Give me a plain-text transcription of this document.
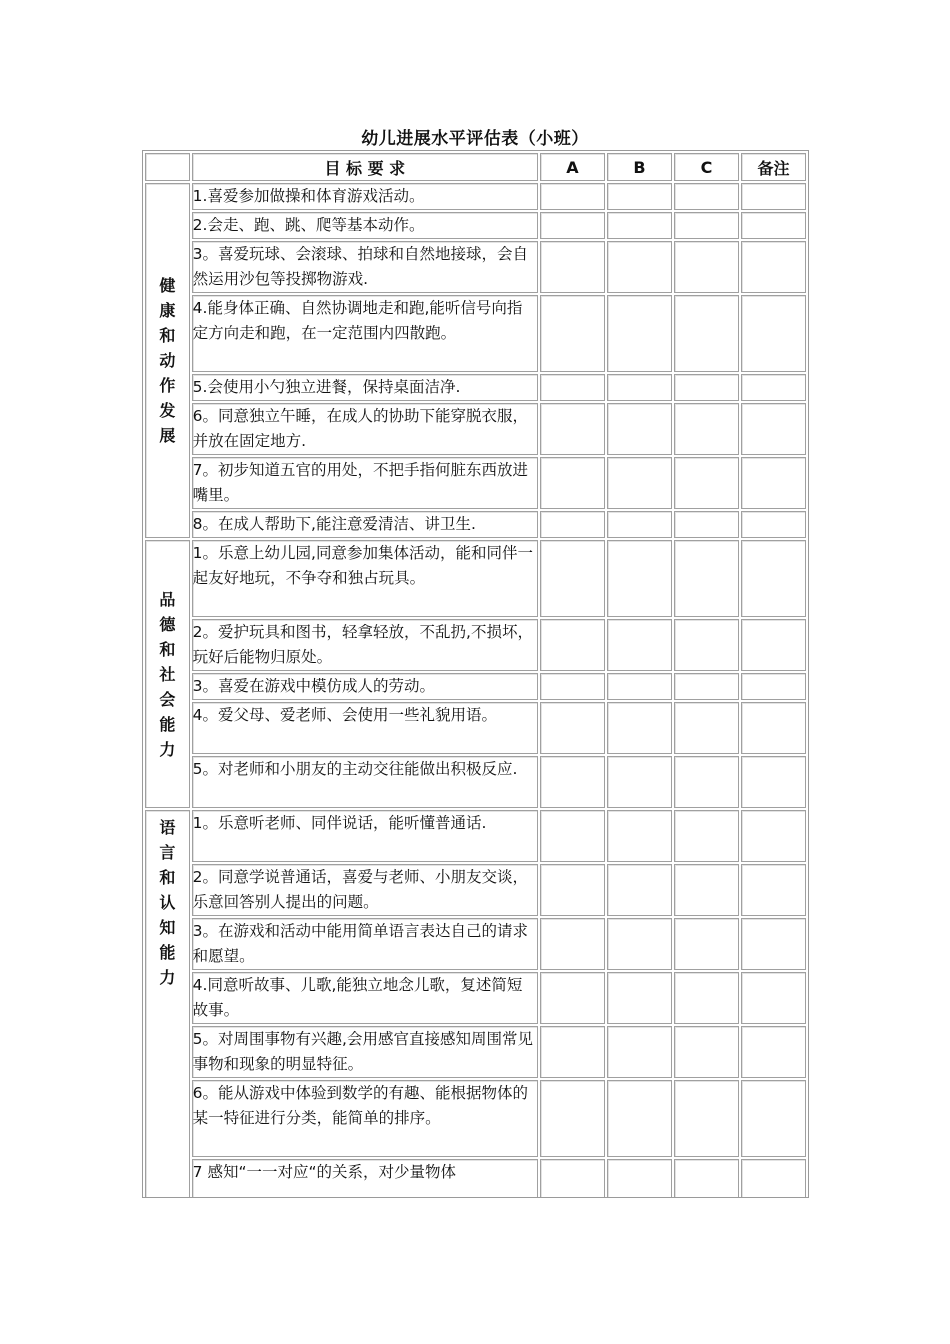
幼儿进展水平评估表（小班）
	目 标 要 求	A	B	C	备注

健康和动作发展	1.喜爱参加做操和体育游戏活动。				
	2.会走、跑、跳、爬等基本动作。				
	3。喜爱玩球、会滚球、拍球和自然地接球，会自然运用沙包等投掷物游戏.				
	4.能身体正确、自然协调地走和跑,能听信号向指定方向走和跑，在一定范围内四散跑。				
	5.会使用小勺独立进餐，保持桌面洁净.				
	6。同意独立午睡，在成人的协助下能穿脱衣服，并放在固定地方.				
	7。初步知道五官的用处，不把手指何脏东西放进嘴里。				
	8。在成人帮助下,能注意爱清洁、讲卫生.				

品德和社会能力	1。乐意上幼儿园,同意参加集体活动，能和同伴一起友好地玩，不争夺和独占玩具。				
	2。爱护玩具和图书，轻拿轻放，不乱扔,不损坏，玩好后能物归原处。				
	3。喜爱在游戏中模仿成人的劳动。				
	4。爱父母、爱老师、会使用一些礼貌用语。				
	5。对老师和小朋友的主动交往能做出积极反应.				

语言和认知能力	1。乐意听老师、同伴说话，能听懂普通话.				
	2。同意学说普通话，喜爱与老师、小朋友交谈，乐意回答别人提出的问题。				
	3。在游戏和活动中能用简单语言表达自己的请求和愿望。				
	4.同意听故事、儿歌,能独立地念儿歌，复述简短故事。				
	5。对周围事物有兴趣,会用感官直接感知周围常见事物和现象的明显特征。				
	6。能从游戏中体验到数学的有趣、能根据物体的某一特征进行分类，能简单的排序。				
	7 感知“一一对应“的关系，对少量物体				
